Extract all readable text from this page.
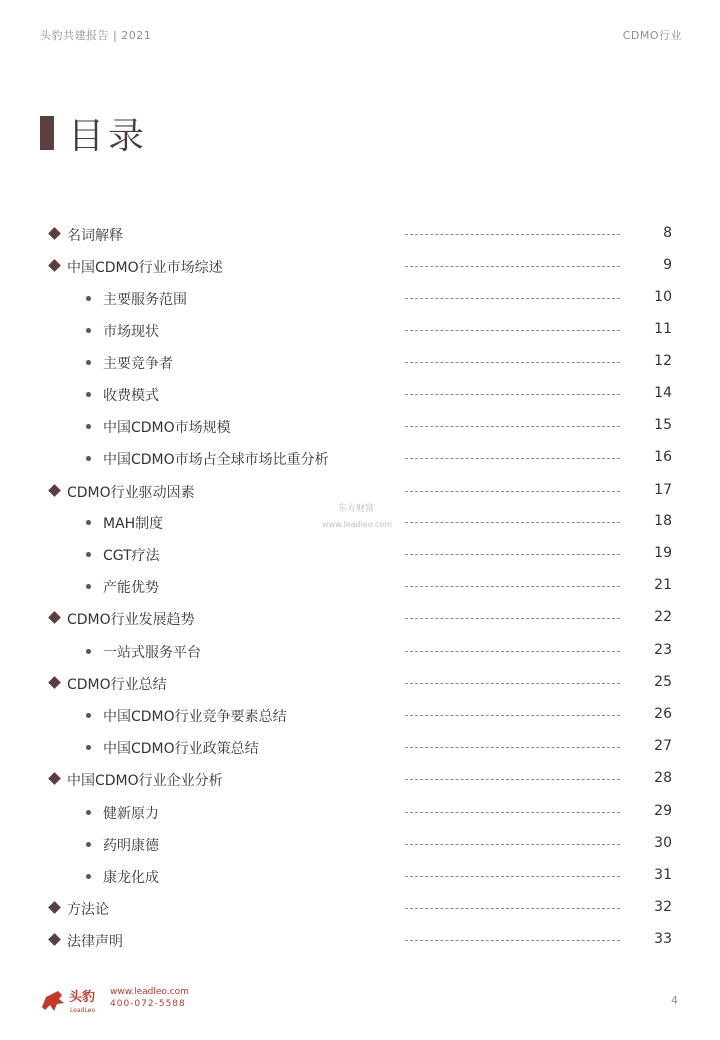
头豹共建报告 | 2021	CDMO行业
目录
名词解释	8
中国CDMO行业市场综述	9
主要服务范围	10
市场现状	11
主要竞争者	12
收费模式	14
中国CDMO市场规模	15
中国CDMO市场占全球市场比重分析	16
CDMO行业驱动因素	17
MAH制度	18
CGT疗法	19
产能优势	21
CDMO行业发展趋势	22
一站式服务平台	23
CDMO行业总结	25
中国CDMO行业竞争要素总结	26
中国CDMO行业政策总结	27
中国CDMO行业企业分析	28
健新原力	29
药明康德	30
康龙化成	31
方法论	32
法律声明	33
东方财富
www.leadleo.com
头豹
LeadLeo
www.leadleo.com
400-072-5588	4
